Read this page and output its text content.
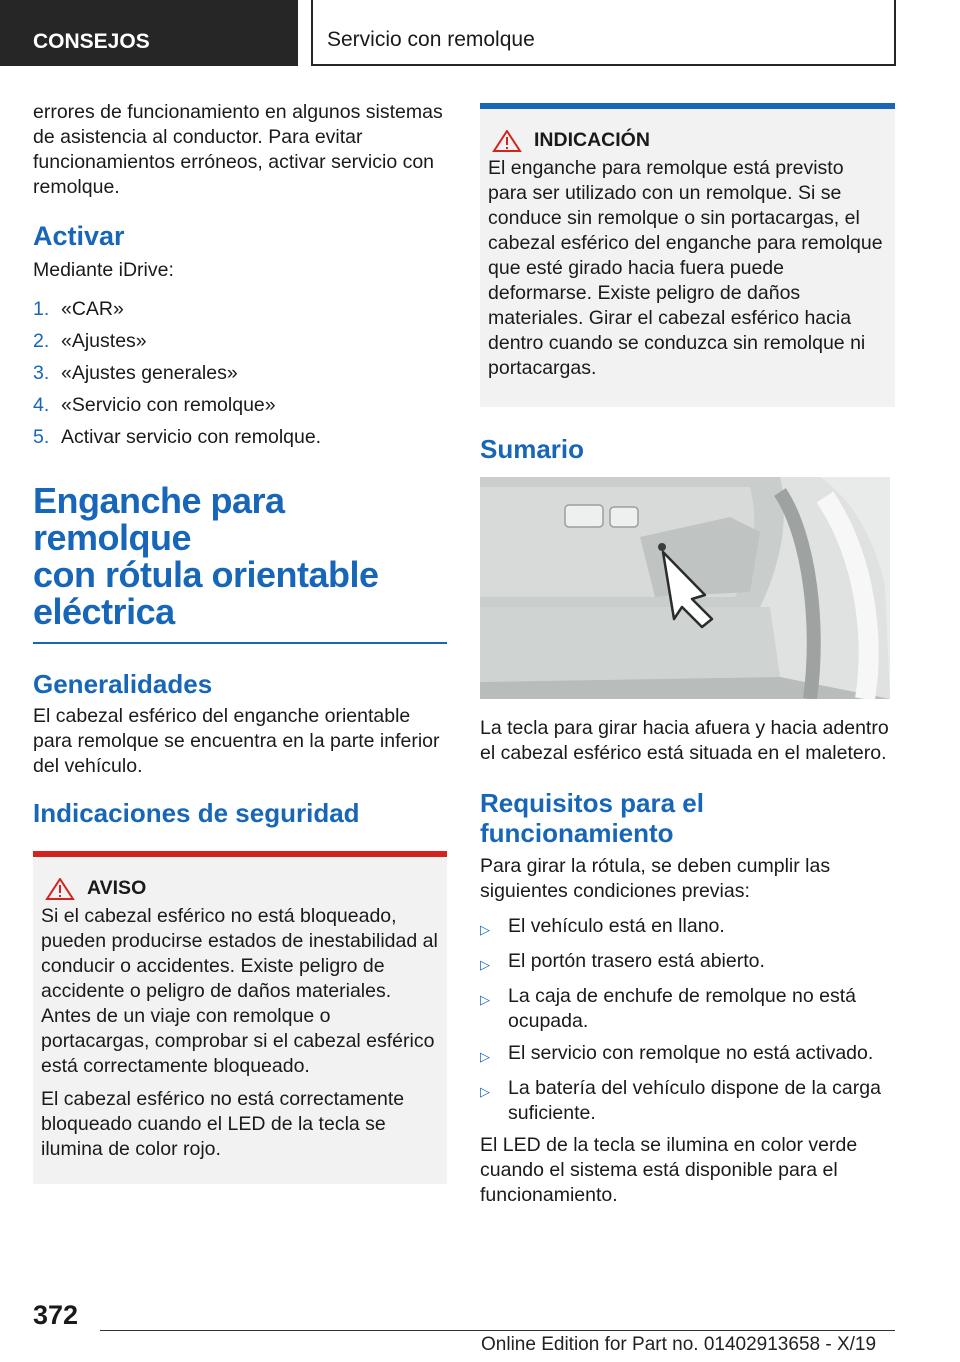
CONSEJOS	Servicio con remolque

errores de funcionamiento en algunos sistemas de asistencia al conductor. Para evitar funcionamientos erróneos, activar servicio con remolque.

Activar

Mediante iDrive:

1. «CAR»
2. «Ajustes»
3. «Ajustes generales»
4. «Servicio con remolque»
5. Activar servicio con remolque.
Enganche para remolque
con rótula orientable
eléctrica
Generalidades

El cabezal esférico del enganche orientable para remolque se encuentra en la parte inferior del vehículo.

Indicaciones de seguridad
AVISO

Si el cabezal esférico no está bloqueado, pueden producirse estados de inestabilidad al conducir o accidentes. Existe peligro de accidente o peligro de daños materiales. Antes de un viaje con remolque o portacargas, comprobar si el cabezal esférico está correctamente bloqueado.

El cabezal esférico no está correctamente bloqueado cuando el LED de la tecla se ilumina de color rojo.

INDICACIÓN

El enganche para remolque está previsto para ser utilizado con un remolque. Si se conduce sin remolque o sin portacargas, el cabezal esférico del enganche para remolque que esté girado hacia fuera puede deformarse. Existe peligro de daños materiales. Girar el cabezal esférico hacia dentro cuando se conduzca sin remolque ni portacargas.

Sumario

La tecla para girar hacia afuera y hacia adentro el cabezal esférico está situada en el maletero.

Requisitos para el
funcionamiento

Para girar la rótula, se deben cumplir las siguientes condiciones previas:

▷ El vehículo está en llano.
▷ El portón trasero está abierto.
▷ La caja de enchufe de remolque no está ocupada.
▷ El servicio con remolque no está activado.
▷ La batería del vehículo dispone de la carga suficiente.

El LED de la tecla se ilumina en color verde cuando el sistema está disponible para el funcionamiento.

372
Online Edition for Part no. 01402913658 - X/19
